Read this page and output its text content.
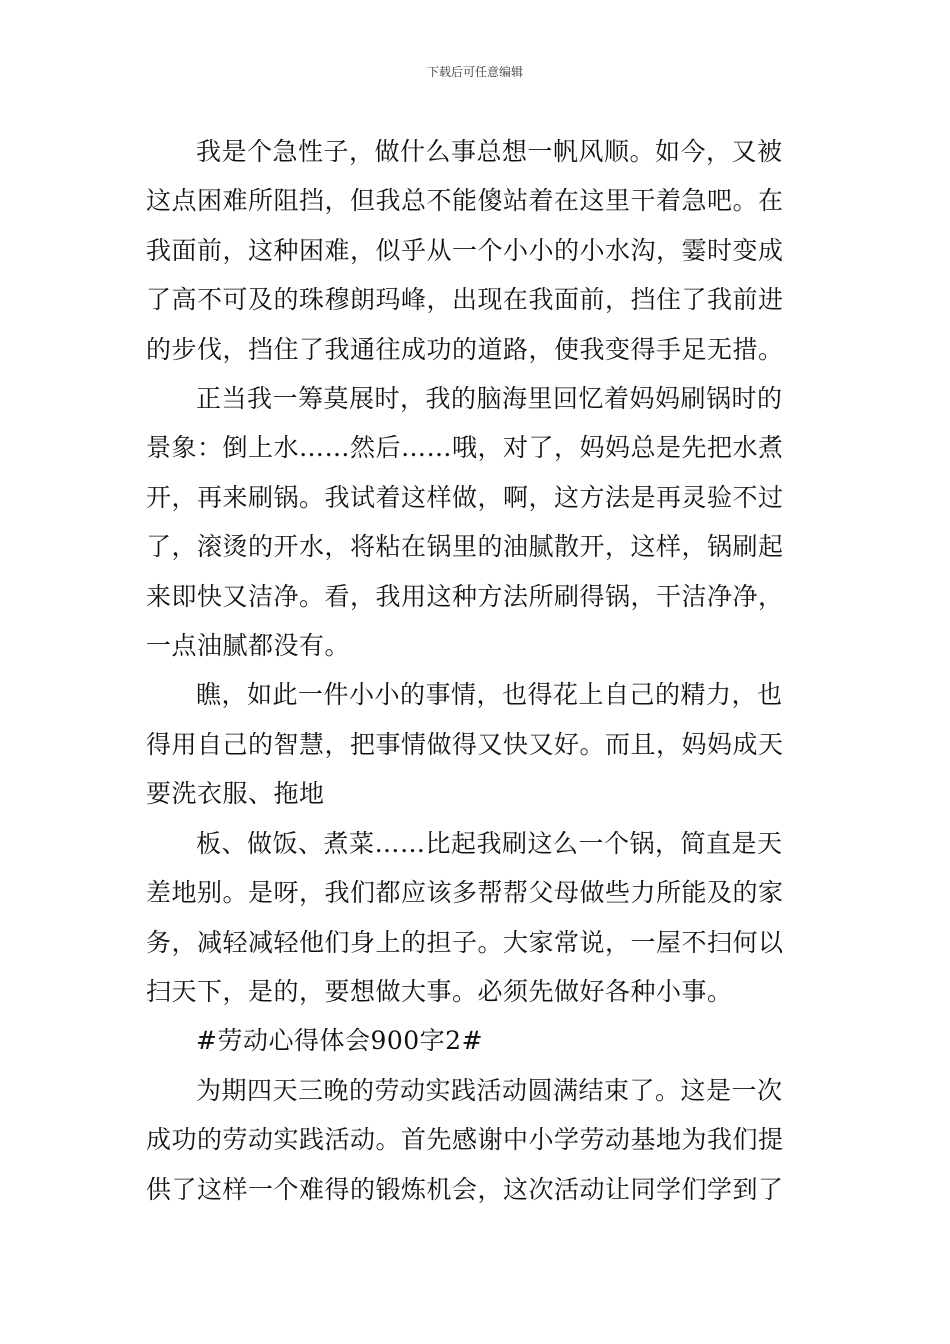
下载后可任意编辑

我是个急性子，做什么事总想一帆风顺。如今，又被这点困难所阻挡，但我总不能傻站着在这里干着急吧。在我面前，这种困难，似乎从一个小小的小水沟，霎时变成了高不可及的珠穆朗玛峰，出现在我面前，挡住了我前进的步伐，挡住了我通往成功的道路，使我变得手足无措。

正当我一筹莫展时，我的脑海里回忆着妈妈刷锅时的景象：倒上水……然后……哦，对了，妈妈总是先把水煮开，再来刷锅。我试着这样做，啊，这方法是再灵验不过了，滚烫的开水，将粘在锅里的油腻散开，这样，锅刷起来即快又洁净。看，我用这种方法所刷得锅，干洁净净，一点油腻都没有。

瞧，如此一件小小的事情，也得花上自己的精力，也得用自己的智慧，把事情做得又快又好。而且，妈妈成天要洗衣服、拖地

板、做饭、煮菜……比起我刷这么一个锅，简直是天差地别。是呀，我们都应该多帮帮父母做些力所能及的家务，减轻减轻他们身上的担子。大家常说，一屋不扫何以扫天下，是的，要想做大事。必须先做好各种小事。

#劳动心得体会900字2#

为期四天三晚的劳动实践活动圆满结束了。这是一次成功的劳动实践活动。首先感谢中小学劳动基地为我们提供了这样一个难得的锻炼机会，这次活动让同学们学到了
